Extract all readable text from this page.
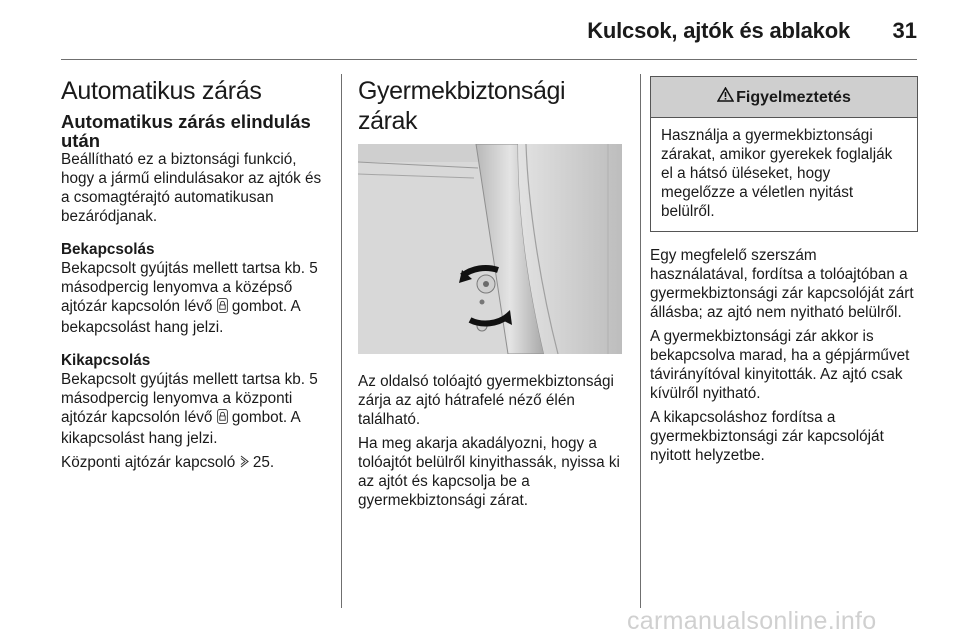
Kulcsok, ajtók és ablakok 31
Automatikus zárás
Automatikus zárás elindulás után

Beállítható ez a biztonsági funkció, hogy a jármű elindulásakor az ajtók és a csomagtérajtó automatikusan bezáródjanak.

Bekapcsolás

Bekapcsolt gyújtás mellett tartsa kb. 5 másodpercig lenyomva a középső ajtózár kapcsolón lévő  gombot. A bekapcsolást hang jelzi.

Kikapcsolás

Bekapcsolt gyújtás mellett tartsa kb. 5 másodpercig lenyomva a központi ajtózár kapcsolón lévő  gombot. A kikapcsolást hang jelzi.

Központi ajtózár kapcsoló  25.

Gyermekbiztonsági zárak

Az oldalsó tolóajtó gyermekbiztonsági zárja az ajtó hátrafelé néző élén található.

Ha meg akarja akadályozni, hogy a tolóajtót belülről kinyithassák, nyissa ki az ajtót és kapcsolja be a gyermekbiztonsági zárat.

Figyelmeztetés
Használja a gyermekbiztonsági zárakat, amikor gyerekek foglalják el a hátsó üléseket, hogy megelőzze a véletlen nyitást belülről.

Egy megfelelő szerszám használatával, fordítsa a tolóajtóban a gyermekbiztonsági zár kapcsolóját zárt állásba; az ajtó nem nyitható belülről.

A gyermekbiztonsági zár akkor is bekapcsolva marad, ha a gépjárművet távirányítóval kinyitották. Az ajtó csak kívülről nyitható.

A kikapcsoláshoz fordítsa a gyermekbiztonsági zár kapcsolóját nyitott helyzetbe.

carmanualsonline.info
